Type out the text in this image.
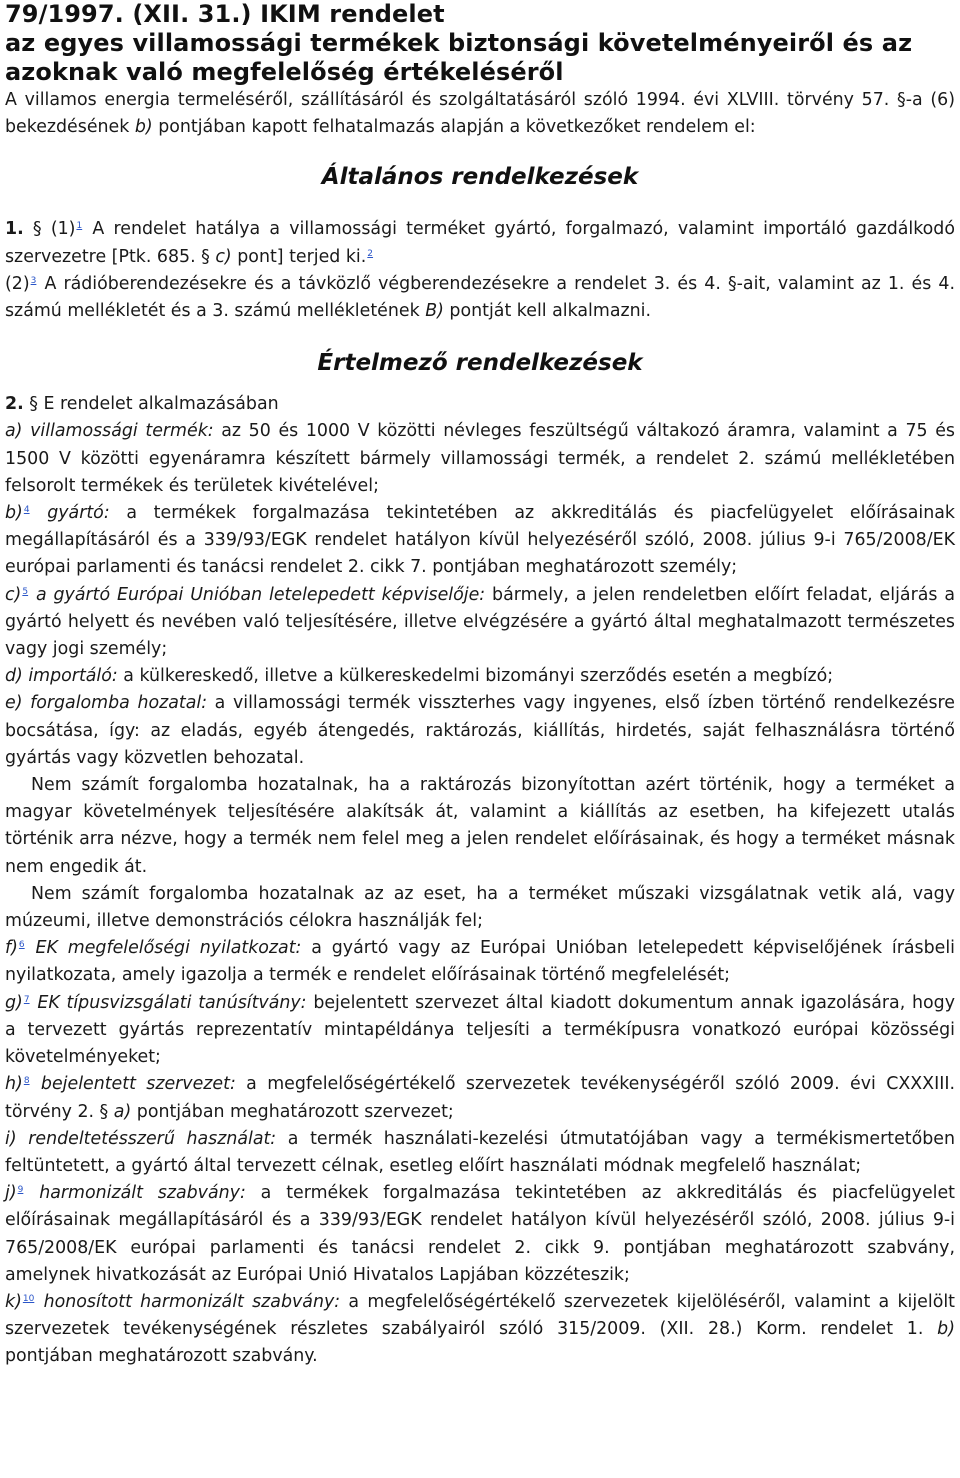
79/1997. (XII. 31.) IKIM rendelet
az egyes villamossági termékek biztonsági követelményeiről és az
azoknak való megfelelőség értékeléséről

A villamos energia termeléséről, szállításáról és szolgáltatásáról szóló 1994. évi XLVIII. törvény 57. §-a (6) bekezdésének b) pontjában kapott felhatalmazás alapján a következőket rendelem el:

Általános rendelkezések

1. § (1)$^1$ A rendelet hatálya a villamossági terméket gyártó, forgalmazó, valamint importáló gazdálkodó szervezetre [Ptk. 685. § c) pont] terjed ki.$^2$

(2)$^3$ A rádióberendezésekre és a távközlő végberendezésekre a rendelet 3. és 4. §-ait, valamint az 1. és 4. számú mellékletét és a 3. számú mellékletének B) pontját kell alkalmazni.

Értelmező rendelkezések

2. § E rendelet alkalmazásában

a) villamossági termék: az 50 és 1000 V közötti névleges feszültségű váltakozó áramra, valamint a 75 és 1500 V közötti egyenáramra készített bármely villamossági termék, a rendelet 2. számú mellékletében felsorolt termékek és területek kivételével;

b)$^4$ gyártó: a termékek forgalmazása tekintetében az akkreditálás és piacfelügyelet előírásainak megállapításáról és a 339/93/EGK rendelet hatályon kívül helyezéséről szóló, 2008. július 9-i 765/2008/EK európai parlamenti és tanácsi rendelet 2. cikk 7. pontjában meghatározott személy;

c)$^5$ a gyártó Európai Unióban letelepedett képviselője: bármely, a jelen rendeletben előírt feladat, eljárás a gyártó helyett és nevében való teljesítésére, illetve elvégzésére a gyártó által meghatalmazott természetes vagy jogi személy;

d) importáló: a külkereskedő, illetve a külkereskedelmi bizományi szerződés esetén a megbízó;

e) forgalomba hozatal: a villamossági termék visszterhes vagy ingyenes, első ízben történő rendelkezésre bocsátása, így: az eladás, egyéb átengedés, raktározás, kiállítás, hirdetés, saját felhasználásra történő gyártás vagy közvetlen behozatal.

Nem számít forgalomba hozatalnak, ha a raktározás bizonyítottan azért történik, hogy a terméket a magyar követelmények teljesítésére alakítsák át, valamint a kiállítás az esetben, ha kifejezett utalás történik arra nézve, hogy a termék nem felel meg a jelen rendelet előírásainak, és hogy a terméket másnak nem engedik át.

Nem számít forgalomba hozatalnak az az eset, ha a terméket műszaki vizsgálatnak vetik alá, vagy múzeumi, illetve demonstrációs célokra használják fel;

f)$^6$ EK megfelelőségi nyilatkozat: a gyártó vagy az Európai Unióban letelepedett képviselőjének írásbeli nyilatkozata, amely igazolja a termék e rendelet előírásainak történő megfelelését;

g)$^7$ EK típusvizsgálati tanúsítvány: bejelentett szervezet által kiadott dokumentum annak igazolására, hogy a tervezett gyártás reprezentatív mintapéldánya teljesíti a termékípusra vonatkozó európai közösségi követelményeket;

h)$^8$ bejelentett szervezet: a megfelelőségértékelő szervezetek tevékenységéről szóló 2009. évi CXXXIII. törvény 2. § a) pontjában meghatározott szervezet;

i) rendeltetésszerű használat: a termék használati-kezelési útmutatójában vagy a termékismertetőben feltüntetett, a gyártó által tervezett célnak, esetleg előírt használati módnak megfelelő használat;

j)$^9$ harmonizált szabvány: a termékek forgalmazása tekintetében az akkreditálás és piacfelügyelet előírásainak megállapításáról és a 339/93/EGK rendelet hatályon kívül helyezéséről szóló, 2008. július 9-i 765/2008/EK európai parlamenti és tanácsi rendelet 2. cikk 9. pontjában meghatározott szabvány, amelynek hivatkozását az Európai Unió Hivatalos Lapjában közzéteszik;

k)$^{10}$ honosított harmonizált szabvány: a megfelelőségértékelő szervezetek kijelöléséről, valamint a kijelölt szervezetek tevékenységének részletes szabályairól szóló 315/2009. (XII. 28.) Korm. rendelet 1. b) pontjában meghatározott szabvány.
